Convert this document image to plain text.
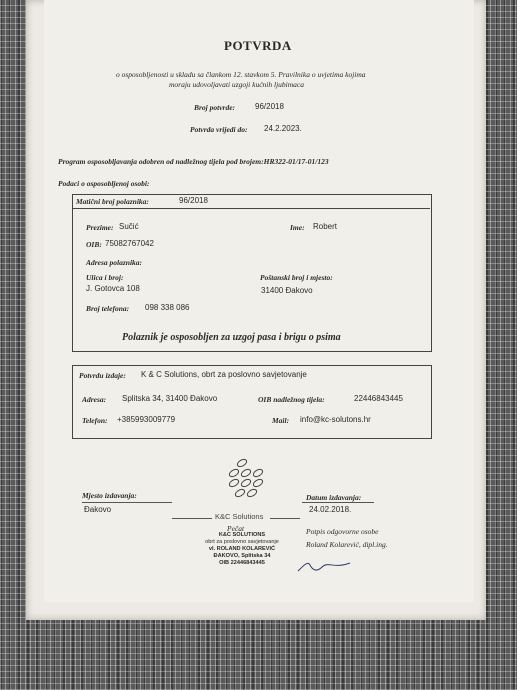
POTVRDA
o osposobljenosti u skladu sa člankom 12. stavkom 5. Pravilnika o uvjetima kojima
moraju udovoljavati uzgoji kućnih ljubimaca
Broj potvrde: 96/2018
Potvrda vrijedi do: 24.2.2023.
Program osposobljavanja odobren od nadležnog tijela pod brojem:HR322-01/17-01/123
Podaci o osposobljenoj osobi:
Matični broj polaznika:	96/2018
Prezime: Sučić	Ime: Robert
OIB: 75082767042
Adresa polaznika:
Ulica i broj:
J. Gotovca 108
Poštanski broj i mjesto:
31400 Đakovo
Broj telefona: 098 338 086
Polaznik je osposobljen za uzgoj pasa i brigu o psima
Potvrdu izdaje: K & C Solutions, obrt za poslovno savjetovanje
Adresa: Splitska 34, 31400 Đakovo	OIB nadležnog tijela:	22446843445
Telefon: +385993009779	Mail: info@kc-solutons.hr
Mjesto izdavanja:
Đakovo
K&C Solutions
Datum izdavanja:
24.02.2018.
Pečat	Potpis odgovorne osobe
K&C SOLUTIONS
obrt za poslovno savjetovanje
vl. ROLAND KOLAREVIĆ
ĐAKOVO, Splitska 34
OIB 22446843445
Roland Kolarević, dipl.ing.
